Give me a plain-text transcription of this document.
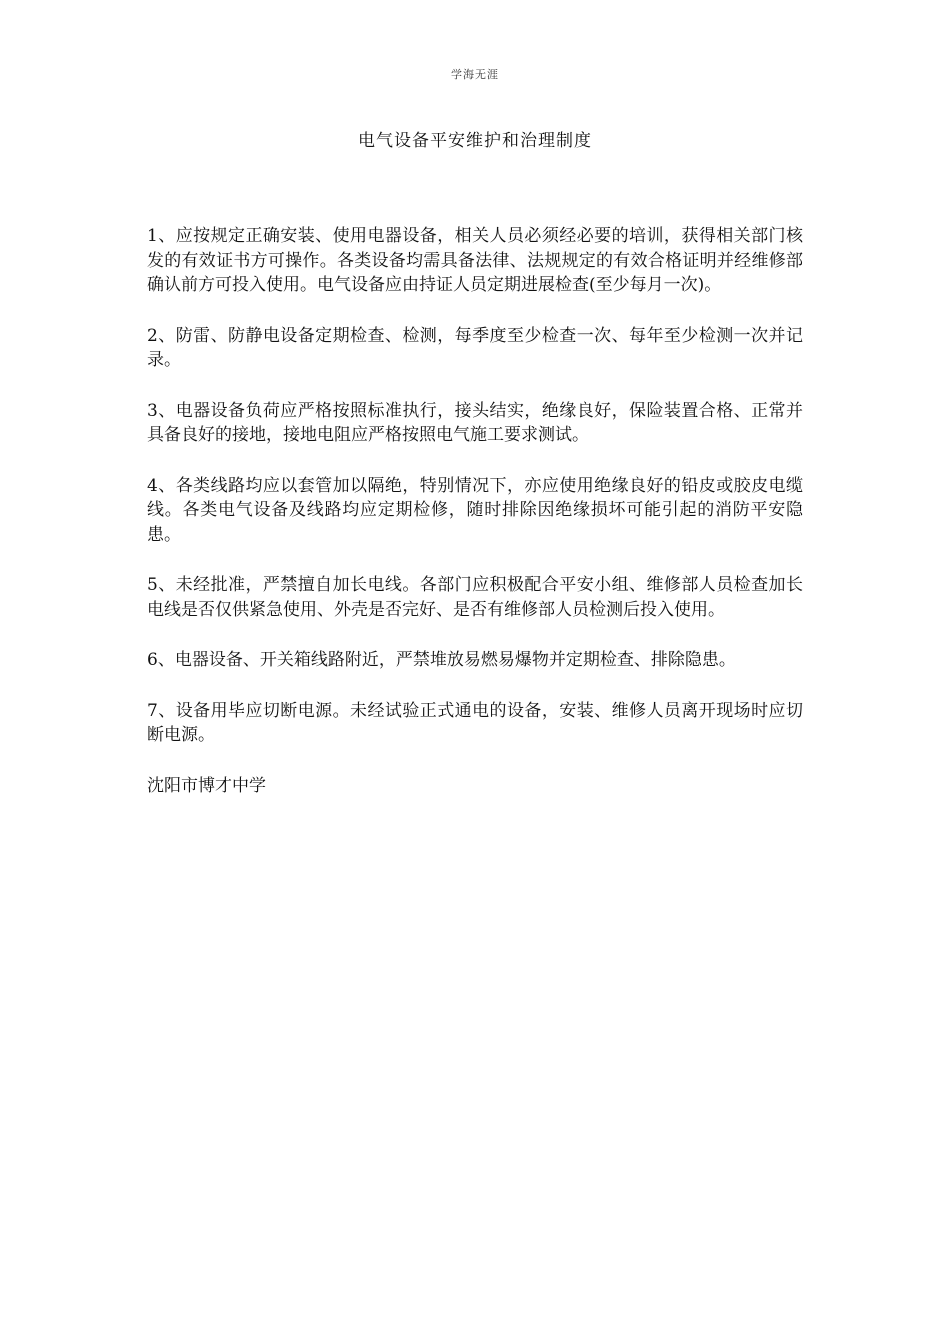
学海无涯
电气设备平安维护和治理制度

1、应按规定正确安装、使用电器设备，相关人员必须经必要的培训，获得相关部门核发的有效证书方可操作。各类设备均需具备法律、法规规定的有效合格证明并经维修部确认前方可投入使用。电气设备应由持证人员定期进展检查(至少每月一次)。

2、防雷、防静电设备定期检查、检测，每季度至少检查一次、每年至少检测一次并记录。

3、电器设备负荷应严格按照标准执行，接头结实，绝缘良好，保险装置合格、正常并具备良好的接地，接地电阻应严格按照电气施工要求测试。

4、各类线路均应以套管加以隔绝，特别情况下，亦应使用绝缘良好的铅皮或胶皮电缆线。各类电气设备及线路均应定期检修，随时排除因绝缘损坏可能引起的消防平安隐患。

5、未经批准，严禁擅自加长电线。各部门应积极配合平安小组、维修部人员检查加长电线是否仅供紧急使用、外壳是否完好、是否有维修部人员检测后投入使用。

6、电器设备、开关箱线路附近，严禁堆放易燃易爆物并定期检查、排除隐患。

7、设备用毕应切断电源。未经试验正式通电的设备，安装、维修人员离开现场时应切断电源。

沈阳市博才中学
